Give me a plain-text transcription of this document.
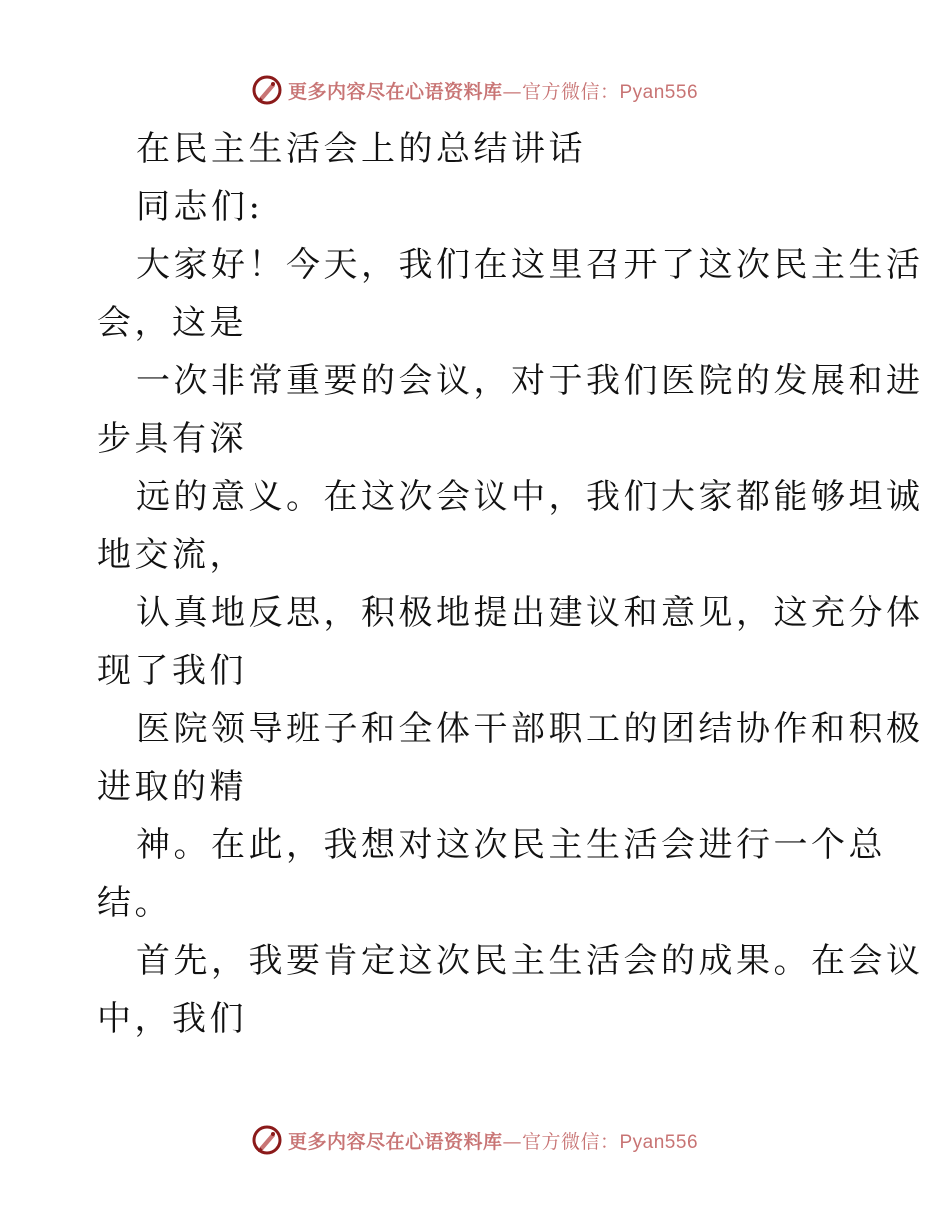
更多内容尽在心语资料库—官方微信：Pyan556
在民主生活会上的总结讲话
同志们:
大家好！今天，我们在这里召开了这次民主生活
会，这是
一次非常重要的会议，对于我们医院的发展和进
步具有深
远的意义。在这次会议中，我们大家都能够坦诚
地交流，
认真地反思，积极地提出建议和意见，这充分体
现了我们
医院领导班子和全体干部职工的团结协作和积极
进取的精
神。在此，我想对这次民主生活会进行一个总
结。
首先，我要肯定这次民主生活会的成果。在会议
中，我们
更多内容尽在心语资料库—官方微信：Pyan556
